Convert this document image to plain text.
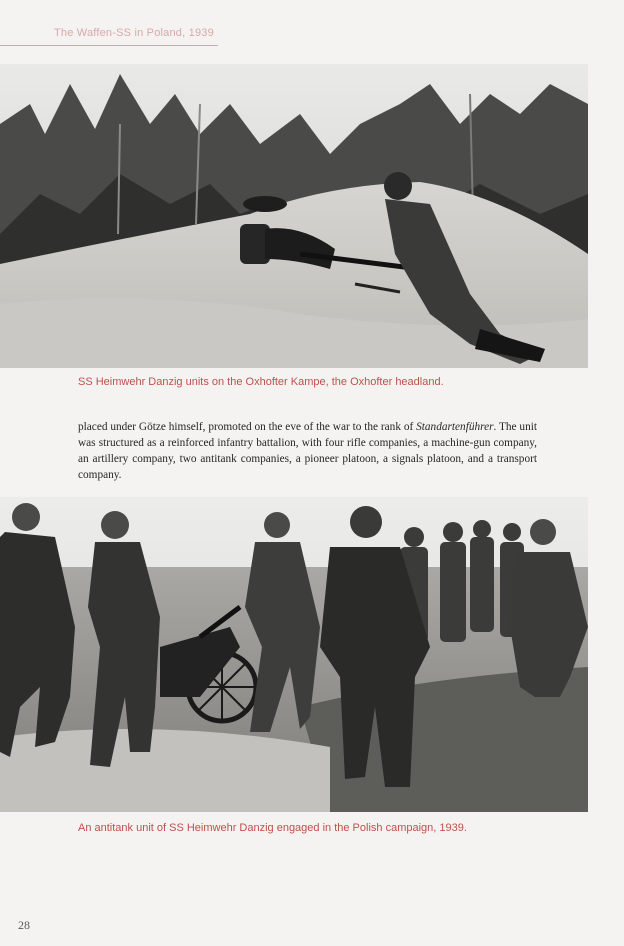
The Waffen-SS in Poland, 1939
SS Heimwehr Danzig units on the Oxhofter Kampe, the Oxhofter headland.
placed under Götze himself, promoted on the eve of the war to the rank of Standartenführer. The unit was structured as a reinforced infantry battalion, with four rifle companies, a machine-gun company, an artillery company, two antitank companies, a pioneer platoon, a signals platoon, and a transport company.
An antitank unit of SS Heimwehr Danzig engaged in the Polish campaign, 1939.
28
